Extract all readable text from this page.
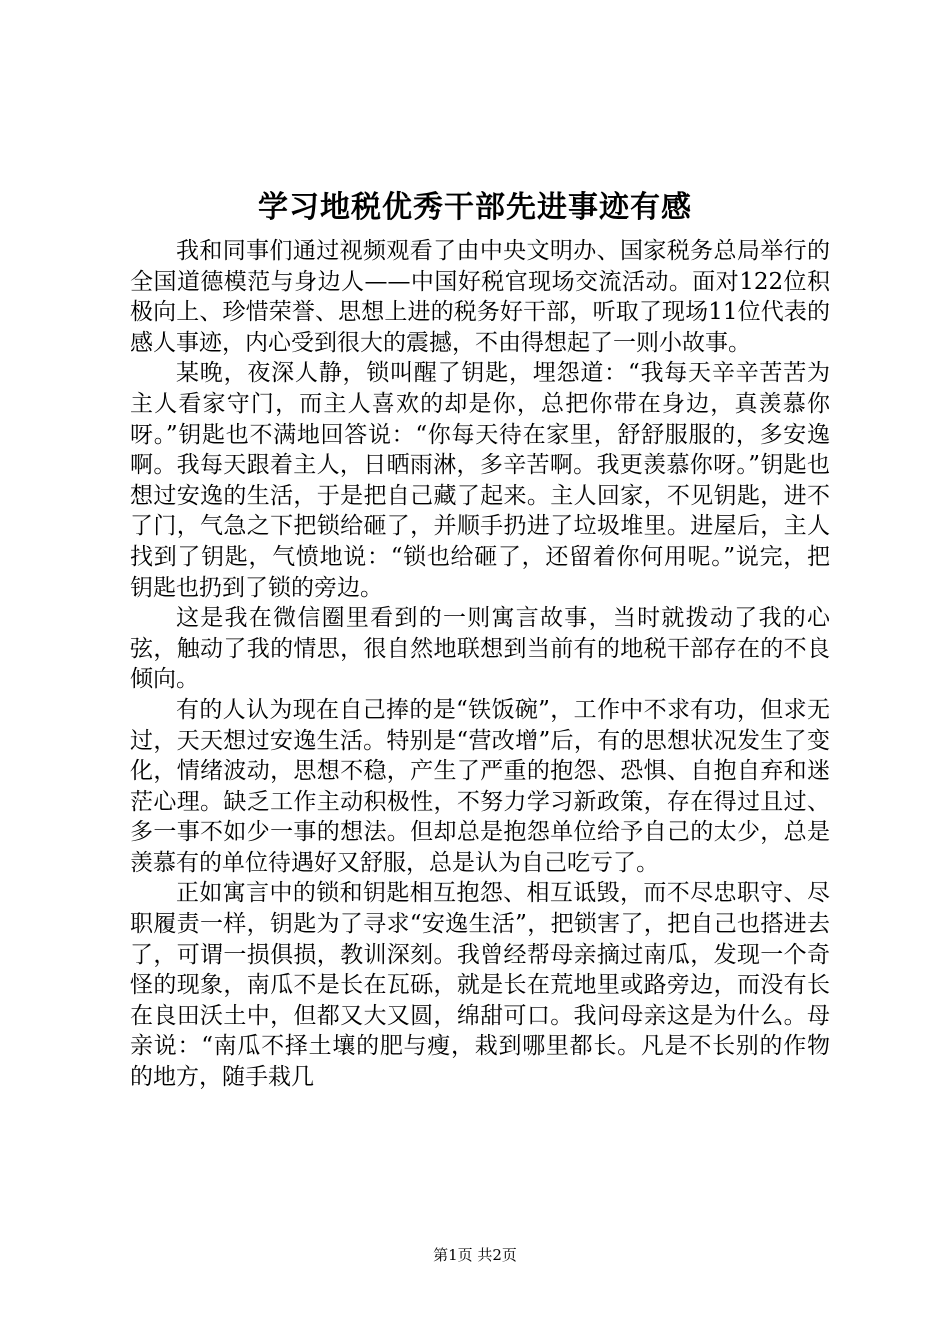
学习地税优秀干部先进事迹有感

我和同事们通过视频观看了由中央文明办、国家税务总局举行的全国道德模范与身边人——中国好税官现场交流活动。面对122位积极向上、珍惜荣誉、思想上进的税务好干部，听取了现场11位代表的感人事迹，内心受到很大的震撼，不由得想起了一则小故事。

某晚，夜深人静，锁叫醒了钥匙，埋怨道：“我每天辛辛苦苦为主人看家守门，而主人喜欢的却是你，总把你带在身边，真羡慕你呀。”钥匙也不满地回答说：“你每天待在家里，舒舒服服的，多安逸啊。我每天跟着主人，日晒雨淋，多辛苦啊。我更羡慕你呀。”钥匙也想过安逸的生活，于是把自己藏了起来。主人回家，不见钥匙，进不了门，气急之下把锁给砸了，并顺手扔进了垃圾堆里。进屋后，主人找到了钥匙，气愤地说：“锁也给砸了，还留着你何用呢。”说完，把钥匙也扔到了锁的旁边。

这是我在微信圈里看到的一则寓言故事，当时就拨动了我的心弦，触动了我的情思，很自然地联想到当前有的地税干部存在的不良倾向。

有的人认为现在自己捧的是“铁饭碗”，工作中不求有功，但求无过，天天想过安逸生活。特别是“营改增”后，有的思想状况发生了变化，情绪波动，思想不稳，产生了严重的抱怨、恐惧、自抱自弃和迷茫心理。缺乏工作主动积极性，不努力学习新政策，存在得过且过、多一事不如少一事的想法。但却总是抱怨单位给予自己的太少，总是羡慕有的单位待遇好又舒服，总是认为自己吃亏了。

正如寓言中的锁和钥匙相互抱怨、相互诋毁，而不尽忠职守、尽职履责一样，钥匙为了寻求“安逸生活”，把锁害了，把自己也搭进去了，可谓一损俱损，教训深刻。我曾经帮母亲摘过南瓜，发现一个奇怪的现象，南瓜不是长在瓦砾，就是长在荒地里或路旁边，而没有长在良田沃土中，但都又大又圆，绵甜可口。我问母亲这是为什么。母亲说：“南瓜不择土壤的肥与瘦，栽到哪里都长。凡是不长别的作物的地方，随手栽几

第1页 共2页
